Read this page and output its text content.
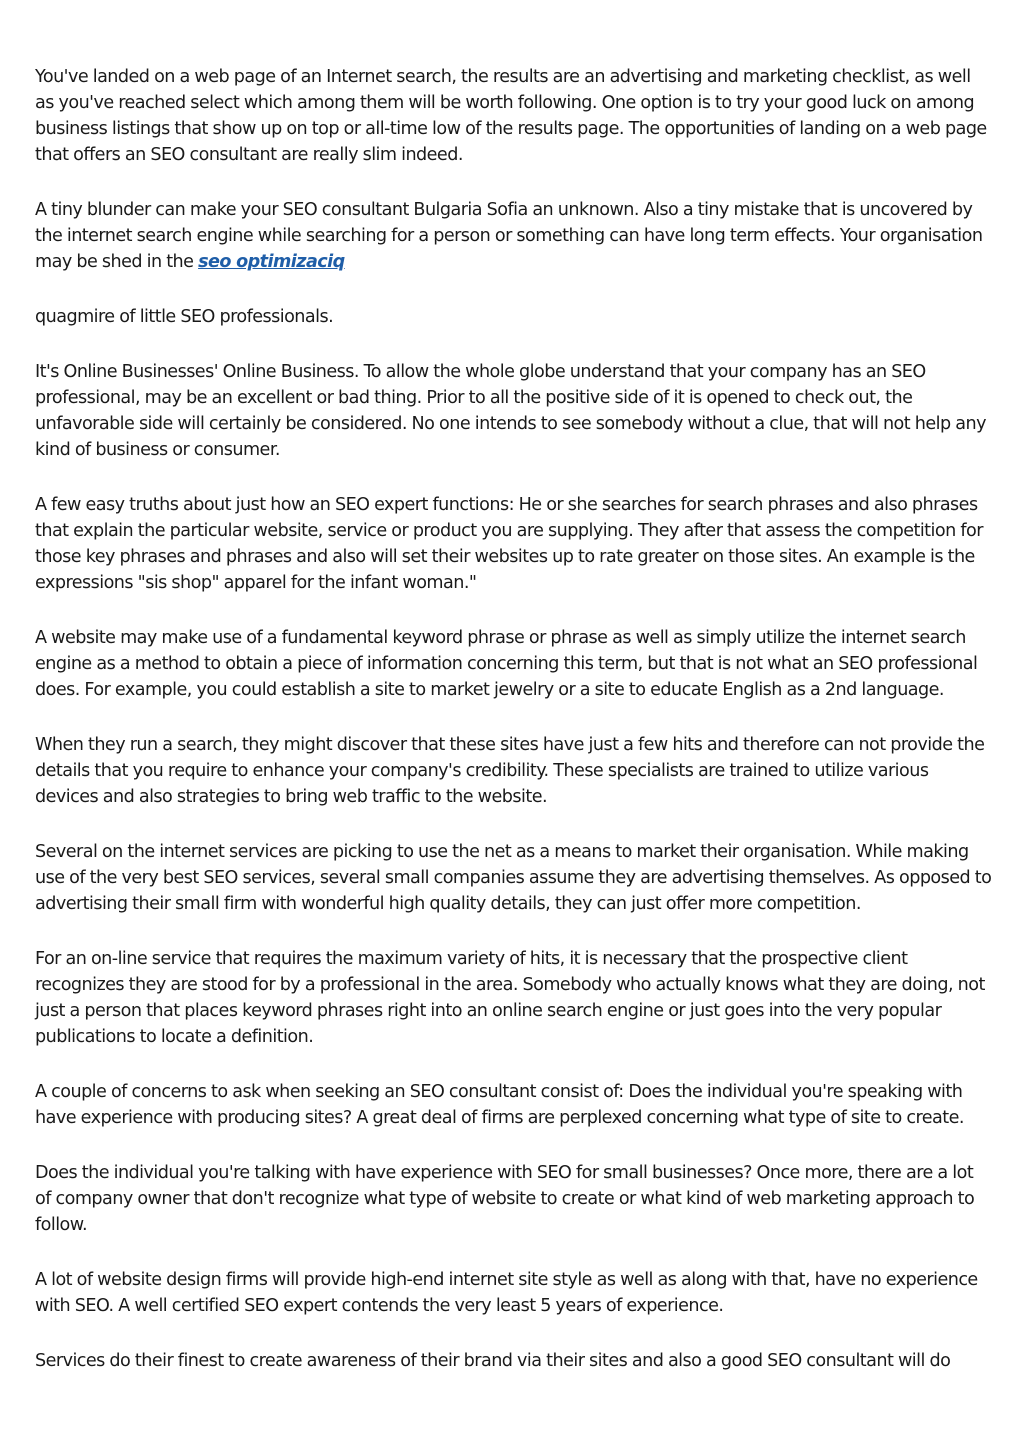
You've landed on a web page of an Internet search, the results are an advertising and marketing checklist, as well as you've reached select which among them will be worth following. One option is to try your good luck on among business listings that show up on top or all-time low of the results page. The opportunities of landing on a web page that offers an SEO consultant are really slim indeed.

A tiny blunder can make your SEO consultant Bulgaria Sofia an unknown. Also a tiny mistake that is uncovered by the internet search engine while searching for a person or something can have long term effects. Your organisation may be shed in the seo optimizaciq

quagmire of little SEO professionals.

It's Online Businesses' Online Business. To allow the whole globe understand that your company has an SEO professional, may be an excellent or bad thing. Prior to all the positive side of it is opened to check out, the unfavorable side will certainly be considered. No one intends to see somebody without a clue, that will not help any kind of business or consumer.

A few easy truths about just how an SEO expert functions: He or she searches for search phrases and also phrases that explain the particular website, service or product you are supplying. They after that assess the competition for those key phrases and phrases and also will set their websites up to rate greater on those sites. An example is the expressions "sis shop" apparel for the infant woman."

A website may make use of a fundamental keyword phrase or phrase as well as simply utilize the internet search engine as a method to obtain a piece of information concerning this term, but that is not what an SEO professional does. For example, you could establish a site to market jewelry or a site to educate English as a 2nd language.

When they run a search, they might discover that these sites have just a few hits and therefore can not provide the details that you require to enhance your company's credibility. These specialists are trained to utilize various devices and also strategies to bring web traffic to the website.

Several on the internet services are picking to use the net as a means to market their organisation. While making use of the very best SEO services, several small companies assume they are advertising themselves. As opposed to advertising their small firm with wonderful high quality details, they can just offer more competition.

For an on-line service that requires the maximum variety of hits, it is necessary that the prospective client recognizes they are stood for by a professional in the area. Somebody who actually knows what they are doing, not just a person that places keyword phrases right into an online search engine or just goes into the very popular publications to locate a definition.

A couple of concerns to ask when seeking an SEO consultant consist of: Does the individual you're speaking with have experience with producing sites? A great deal of firms are perplexed concerning what type of site to create.

Does the individual you're talking with have experience with SEO for small businesses? Once more, there are a lot of company owner that don't recognize what type of website to create or what kind of web marketing approach to follow.

A lot of website design firms will provide high-end internet site style as well as along with that, have no experience with SEO. A well certified SEO expert contends the very least 5 years of experience.

Services do their finest to create awareness of their brand via their sites and also a good SEO consultant will do
